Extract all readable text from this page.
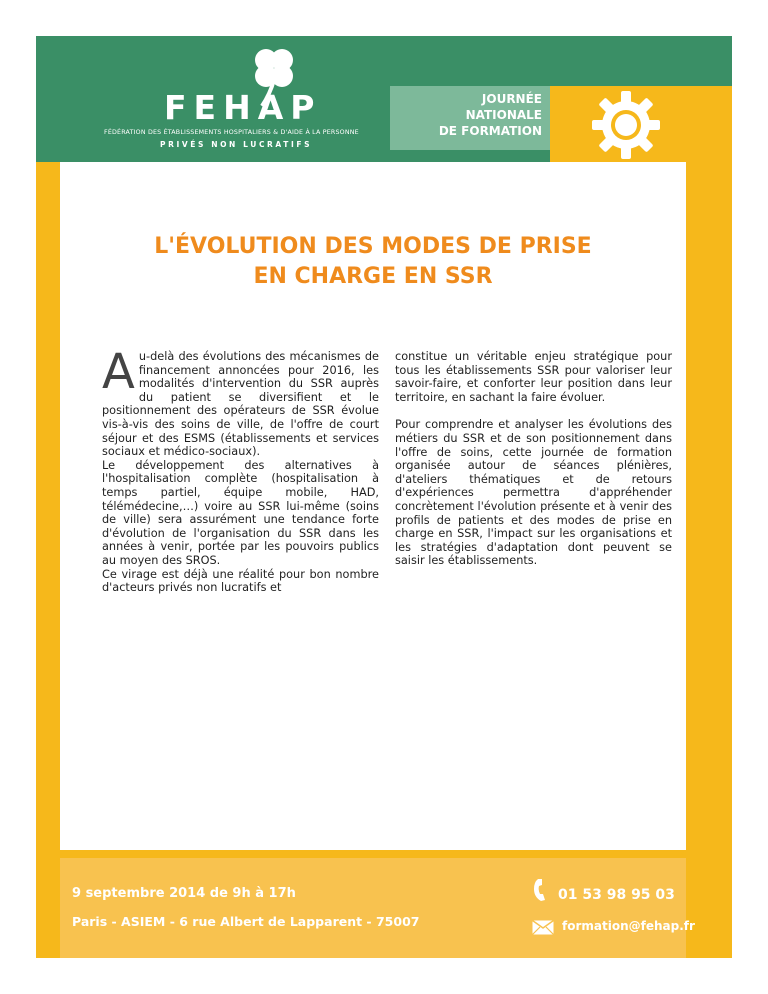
FEHAP
FÉDÉRATION DES ÉTABLISSEMENTS HOSPITALIERS & D'AIDE À LA PERSONNE
PRIVÉS NON LUCRATIFS
JOURNÉE
NATIONALE
DE FORMATION
L'ÉVOLUTION DES MODES DE PRISE
EN CHARGE EN SSR

Au-delà des évolutions des mécanismes de financement annoncées pour 2016, les modalités d'intervention du SSR auprès du patient se diversifient et le positionnement des opérateurs de SSR évolue vis-à-vis des soins de ville, de l'offre de court séjour et des ESMS (établissements et services sociaux et médico-sociaux).

Le développement des alternatives à l'hospitalisation complète (hospitalisation à temps partiel, équipe mobile, HAD, télémédecine,…) voire au SSR lui-même (soins de ville) sera assurément une tendance forte d'évolution de l'organisation du SSR dans les années à venir, portée par les pouvoirs publics au moyen des SROS.

Ce virage est déjà une réalité pour bon nombre d'acteurs privés non lucratifs et

constitue un véritable enjeu stratégique pour tous les établissements SSR pour valoriser leur savoir-faire, et conforter leur position dans leur territoire, en sachant la faire évoluer.

Pour comprendre et analyser les évolutions des métiers du SSR et de son positionnement dans l'offre de soins, cette journée de formation organisée autour de séances plénières, d'ateliers thématiques et de retours d'expériences permettra d'appréhender concrètement l'évolution présente et à venir des profils de patients et des modes de prise en charge en SSR, l'impact sur les organisations et les stratégies d'adaptation dont peuvent se saisir les établissements.

9 septembre 2014 de 9h à 17h
Paris - ASIEM - 6 rue Albert de Lapparent - 75007
01 53 98 95 03
formation@fehap.fr
